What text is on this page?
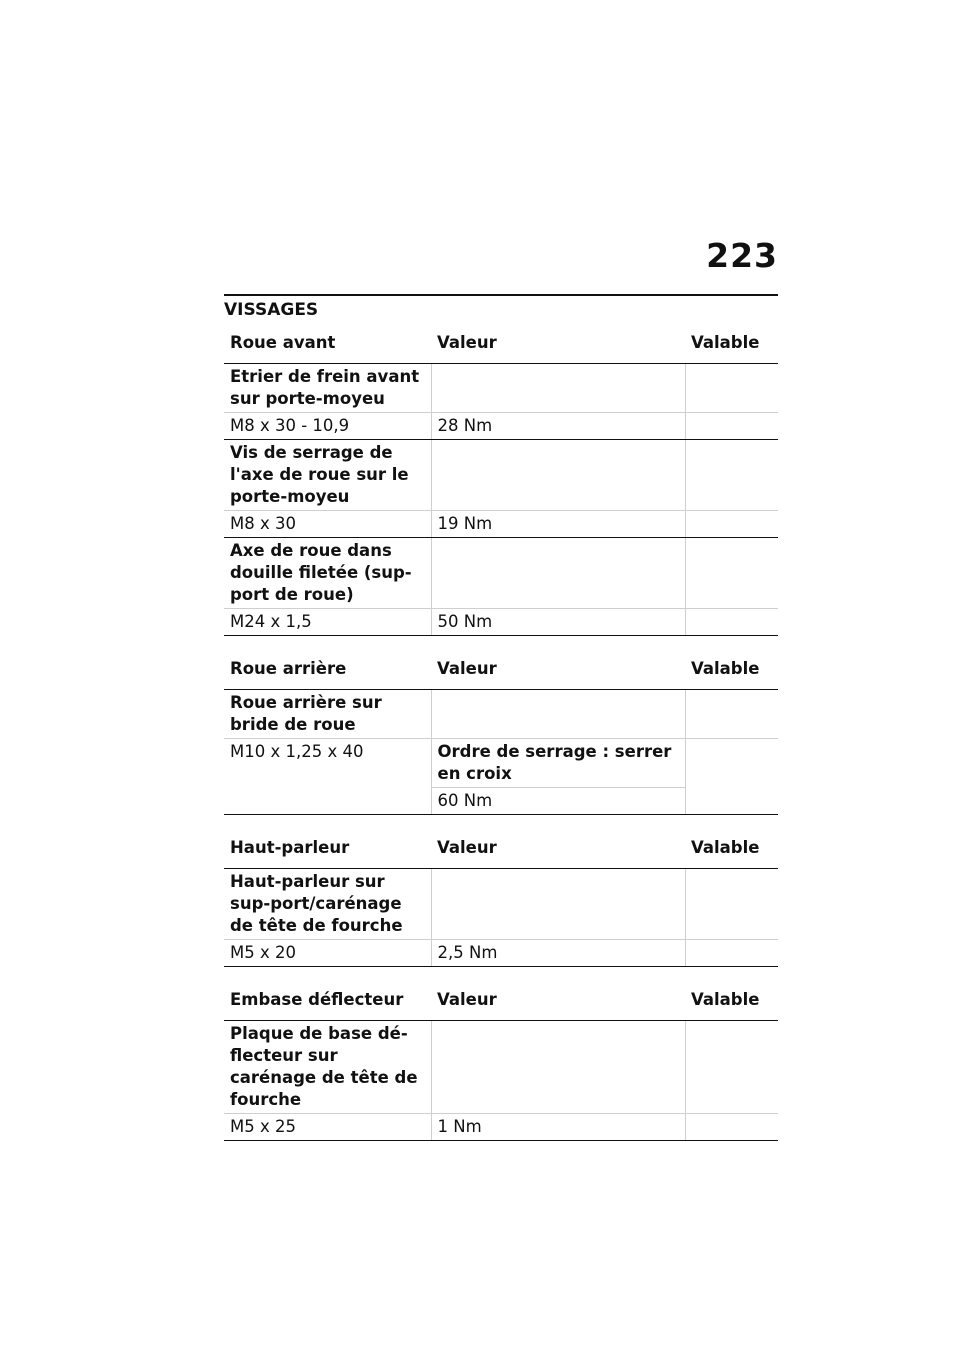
223
VISSAGES
Roue avant	Valeur	Valable
Etrier de frein avant sur porte-moyeu		
M8 x 30 - 10,9	28 Nm	
Vis de serrage de l'axe de roue sur le porte-moyeu		
M8 x 30	19 Nm	
Axe de roue dans douille filetée (sup-port de roue)		
M24 x 1,5	50 Nm	
Roue arrière	Valeur	Valable
Roue arrière sur bride de roue		
M10 x 1,25 x 40	Ordre de serrage : serrer en croix	
	60 Nm	
Haut-parleur	Valeur	Valable
Haut-parleur sur sup-port/carénage de tête de fourche		
M5 x 20	2,5 Nm	
Embase déflecteur	Valeur	Valable
Plaque de base dé-flecteur sur carénage de tête de fourche		
M5 x 25	1 Nm	
